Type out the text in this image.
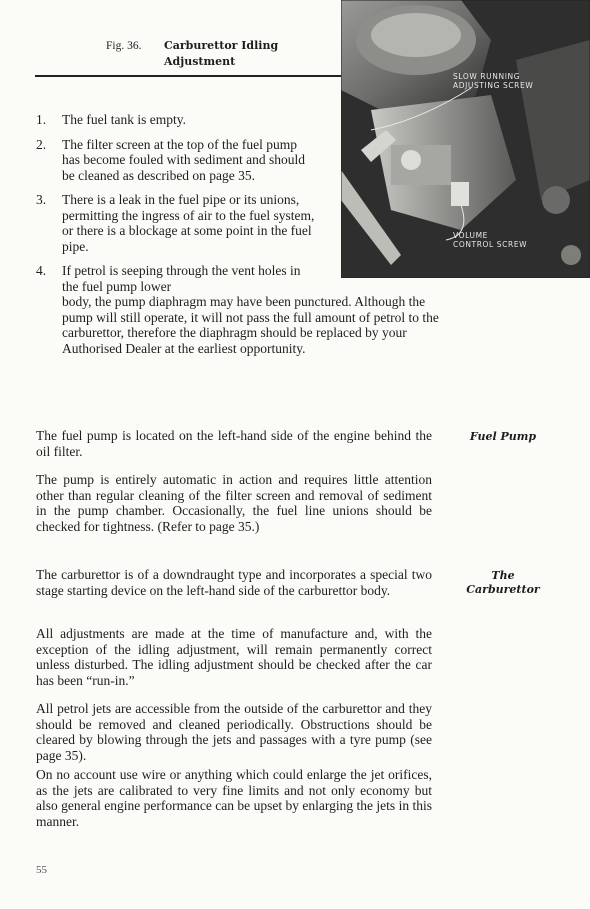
Fig. 36. Carburettor Idling
Adjustment
SLOW RUNNING
ADJUSTING SCREW
VOLUME
CONTROL SCREW
1. The fuel tank is empty.
2. The filter screen at the top of the fuel pump has become fouled with sediment and should be cleaned as described on page 35.
3. There is a leak in the fuel pipe or its unions, permitting the ingress of air to the fuel system, or there is a blockage at some point in the fuel pipe.
4. If petrol is seeping through the vent holes in the fuel pump lower
body, the pump diaphragm may have been punctured. Although the pump will still operate, it will not pass the full amount of petrol to the carburettor, therefore the diaphragm should be replaced by your Authorised Dealer at the earliest opportunity.
The fuel pump is located on the left-hand side of the engine behind the oil filter.
Fuel Pump
The pump is entirely automatic in action and requires little attention other than regular cleaning of the filter screen and removal of sediment in the pump chamber. Occasionally, the fuel line unions should be checked for tightness. (Refer to page 35.)
The carburettor is of a downdraught type and incorporates a special two stage starting device on the left-hand side of the carburettor body.
The
Carburettor
All adjustments are made at the time of manufacture and, with the exception of the idling adjustment, will remain permanently correct unless disturbed. The idling adjustment should be checked after the car has been “run-in.”
All petrol jets are accessible from the outside of the carburettor and they should be removed and cleaned periodically. Obstructions should be cleared by blowing through the jets and passages with a tyre pump (see page 35).
On no account use wire or anything which could enlarge the jet orifices, as the jets are calibrated to very fine limits and not only economy but also general engine performance can be upset by enlarging the jets in this manner.
55
